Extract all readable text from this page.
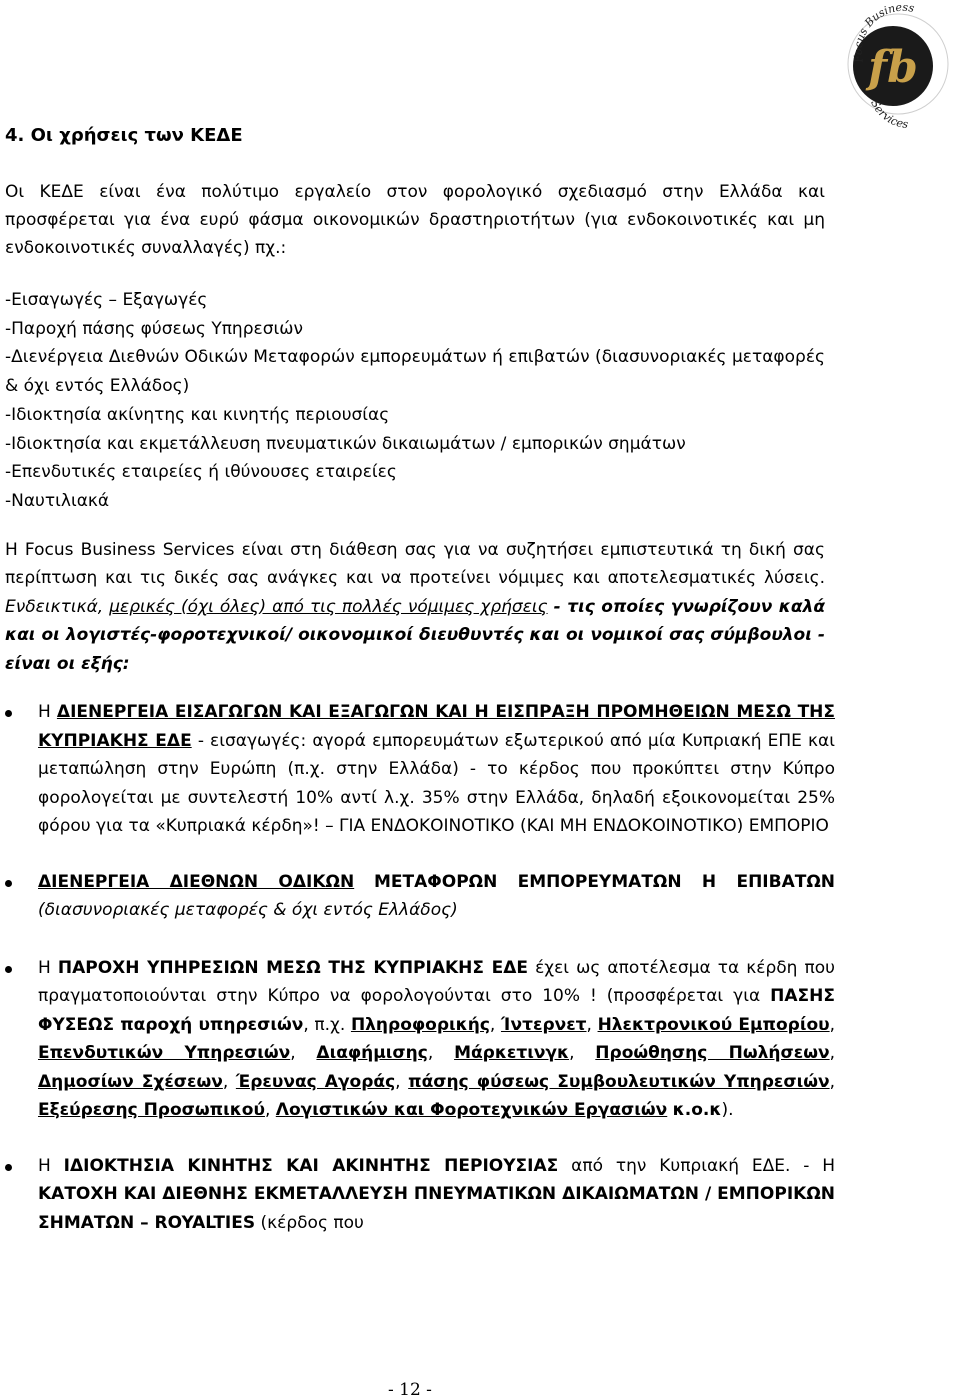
fb
Focus Business
Services
4. Οι χρήσεις των ΚΕΔΕ

Οι ΚΕΔΕ είναι ένα πολύτιμο εργαλείο στον φορολογικό σχεδιασμό στην Ελλάδα και προσφέρεται για ένα ευρύ φάσμα οικονομικών δραστηριοτήτων (για ενδοκοινοτικές και μη ενδοκοινοτικές συναλλαγές) πχ.:

-Εισαγωγές – Εξαγωγές
-Παροχή πάσης φύσεως Υπηρεσιών
-Διενέργεια Διεθνών Οδικών Μεταφορών εμπορευμάτων ή επιβατών (διασυνοριακές μεταφορές & όχι εντός Ελλάδος)
-Ιδιοκτησία ακίνητης και κινητής περιουσίας
-Ιδιοκτησία και εκμετάλλευση πνευματικών δικαιωμάτων / εμπορικών σημάτων
-Επενδυτικές εταιρείες ή ιθύνουσες εταιρείες
-Ναυτιλιακά

Η Focus Business Services είναι στη διάθεση σας για να συζητήσει εμπιστευτικά τη δική σας περίπτωση και τις δικές σας ανάγκες και να προτείνει νόμιμες και αποτελεσματικές λύσεις. Ενδεικτικά, μερικές (όχι όλες) από τις πολλές νόμιμες χρήσεις - τις οποίες γνωρίζουν καλά και οι λογιστές-φοροτεχνικοί/ οικονομικοί διευθυντές και οι νομικοί σας σύμβουλοι - είναι οι εξής:

Η ΔΙΕΝΕΡΓΕΙΑ ΕΙΣΑΓΩΓΩΝ ΚΑΙ ΕΞΑΓΩΓΩΝ ΚΑΙ Η ΕΙΣΠΡΑΞΗ ΠΡΟΜΗΘΕΙΩΝ ΜΕΣΩ ΤΗΣ ΚΥΠΡΙΑΚΗΣ ΕΔΕ - εισαγωγές: αγορά εμπορευμάτων εξωτερικού από μία Κυπριακή ΕΠΕ και μεταπώληση στην Ευρώπη (π.χ. στην Ελλάδα) - το κέρδος που προκύπτει στην Κύπρο φορολογείται με συντελεστή 10% αντί λ.χ. 35% στην Ελλάδα, δηλαδή εξοικονομείται 25% φόρου για τα «Κυπριακά κέρδη»! – ΓΙΑ ΕΝΔΟΚΟΙΝΟΤΙΚΟ (ΚΑΙ ΜΗ ΕΝΔΟΚΟΙΝΟΤΙΚΟ) ΕΜΠΟΡΙΟ
ΔΙΕΝΕΡΓΕΙΑ ΔΙΕΘΝΩΝ ΟΔΙΚΩΝ ΜΕΤΑΦΟΡΩΝ ΕΜΠΟΡΕΥΜΑΤΩΝ Η ΕΠΙΒΑΤΩΝ (διασυνοριακές μεταφορές & όχι εντός Ελλάδος)
Η ΠΑΡΟΧΗ ΥΠΗΡΕΣΙΩΝ ΜΕΣΩ ΤΗΣ ΚΥΠΡΙΑΚΗΣ ΕΔΕ έχει ως αποτέλεσμα τα κέρδη που πραγματοποιούνται στην Κύπρο να φορολογούνται στο 10% ! (προσφέρεται για ΠΑΣΗΣ ΦΥΣΕΩΣ παροχή υπηρεσιών, π.χ. Πληροφορικής, Ίντερνετ, Ηλεκτρονικού Εμπορίου, Επενδυτικών Υπηρεσιών, Διαφήμισης, Μάρκετινγκ, Προώθησης Πωλήσεων, Δημοσίων Σχέσεων, Έρευνας Αγοράς, πάσης φύσεως Συμβουλευτικών Υπηρεσιών, Εξεύρεσης Προσωπικού, Λογιστικών και Φοροτεχνικών Εργασιών κ.ο.κ).
Η ΙΔΙΟΚΤΗΣΙΑ ΚΙΝΗΤΗΣ ΚΑΙ ΑΚΙΝΗΤΗΣ ΠΕΡΙΟΥΣΙΑΣ από την Κυπριακή ΕΔΕ. - Η ΚΑΤΟΧΗ ΚΑΙ ΔΙΕΘΝΗΣ ΕΚΜΕΤΑΛΛΕΥΣΗ ΠΝΕΥΜΑΤΙΚΩΝ ΔΙΚΑΙΩΜΑΤΩΝ / ΕΜΠΟΡΙΚΩΝ ΣΗΜΑΤΩΝ – ROYALTIES (κέρδος που
- 12 -
